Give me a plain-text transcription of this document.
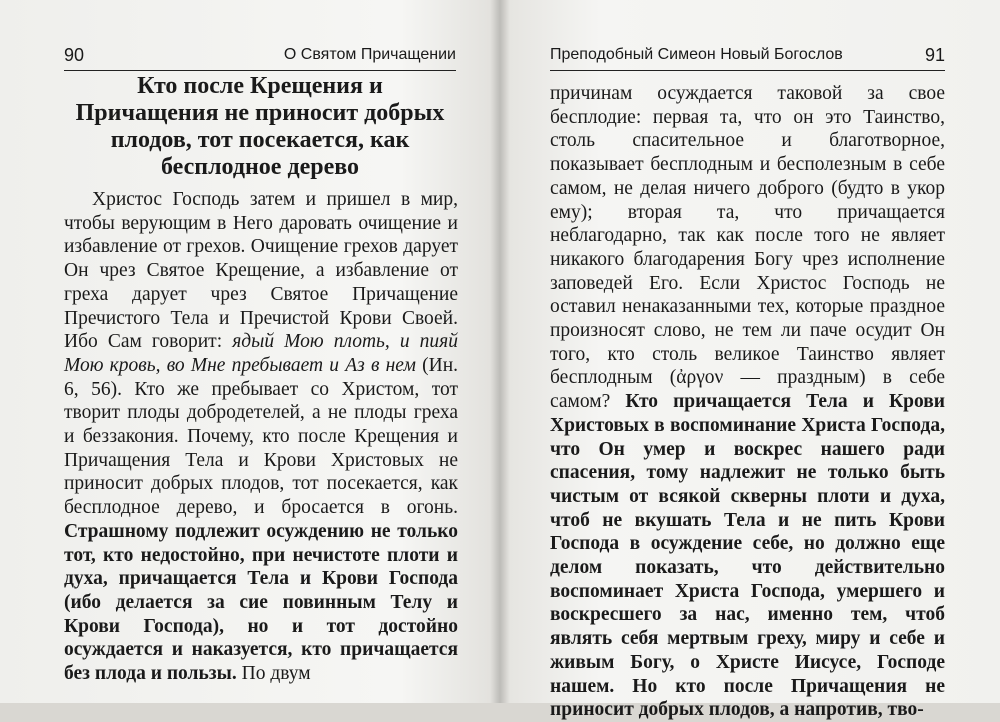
90	О Святом Причащении
Кто после Крещения и Причащения не приносит добрых плодов, тот посекается, как бесплодное дерево

Христос Господь затем и пришел в мир, чтобы верующим в Него даровать очищение и избавление от грехов. Очищение грехов дарует Он чрез Святое Крещение, а избавление от греха дарует чрез Святое Причащение Пречистого Тела и Пречистой Крови Своей. Ибо Сам говорит: ядый Мою плоть, и пияй Мою кровь, во Мне пребывает и Аз в нем (Ин. 6, 56). Кто же пребывает со Христом, тот творит плоды добродетелей, а не плоды греха и беззакония. Почему, кто после Крещения и Причащения Тела и Крови Христовых не приносит добрых плодов, тот посекается, как бесплодное дерево, и бросается в огонь. Страшному подлежит осуждению не только тот, кто недостойно, при нечистоте плоти и духа, причащается Тела и Крови Господа (ибо делается за сие повинным Телу и Крови Господа), но и тот достойно осуждается и наказуется, кто причащается без плода и пользы. По двум

Преподобный Симеон Новый Богослов	91

причинам осуждается таковой за свое бесплодие: первая та, что он это Таинство, столь спасительное и благотворное, показывает бесплодным и бесполезным в себе самом, не делая ничего доброго (будто в укор ему); вторая та, что причащается неблагодарно, так как после того не являет никакого благодарения Богу чрез исполнение заповедей Его. Если Христос Господь не оставил ненаказанными тех, которые праздное произносят слово, не тем ли паче осудит Он того, кто столь великое Таинство являет бесплодным (ἀργον — праздным) в себе самом? Кто причащается Тела и Крови Христовых в воспоминание Христа Господа, что Он умер и воскрес нашего ради спасения, тому надлежит не только быть чистым от всякой скверны плоти и духа, чтоб не вкушать Тела и не пить Крови Господа в осуждение себе, но должно еще делом показать, что действительно воспоминает Христа Господа, умершего и воскресшего за нас, именно тем, чтоб являть себя мертвым греху, миру и себе и живым Богу, о Христе Иисусе, Господе нашем. Но кто после Причащения не приносит добрых плодов, а напротив, тво-
